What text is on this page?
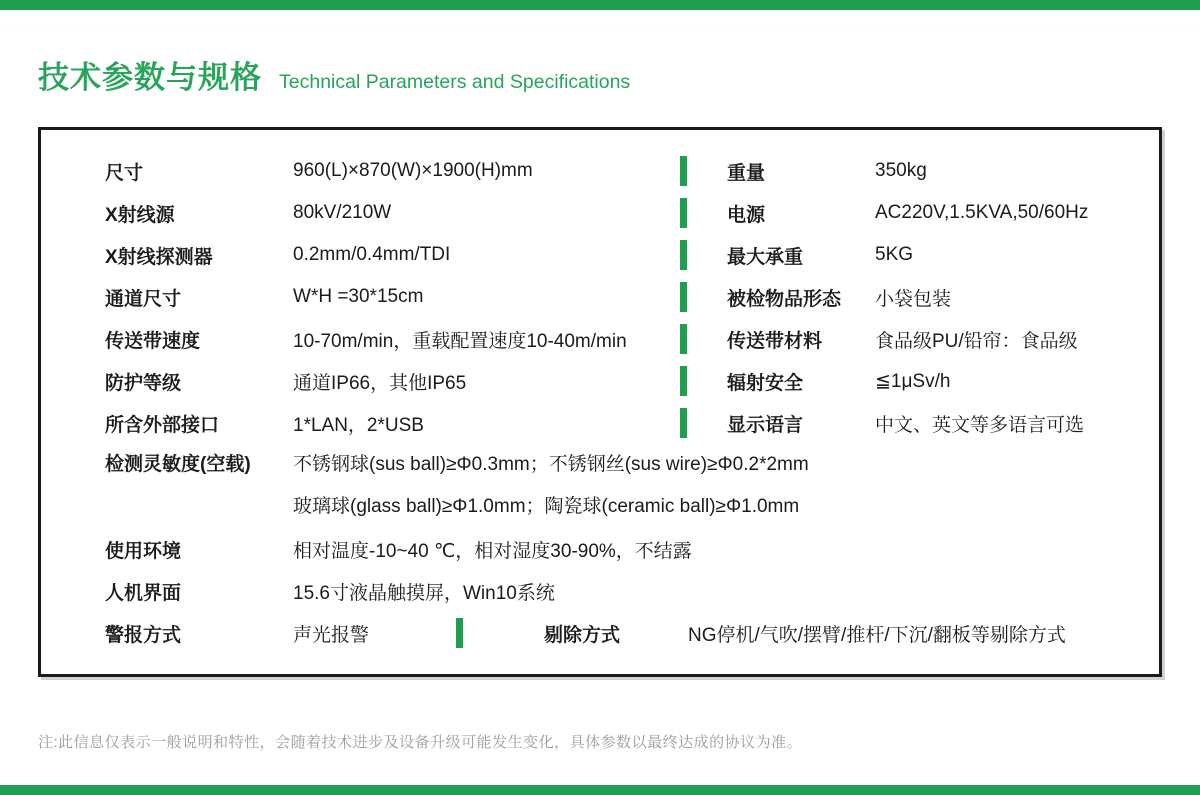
技术参数与规格 Technical Parameters and Specifications
尺寸	960(L)×870(W)×1900(H)mm	重量	350kg
X射线源	80kV/210W	电源	AC220V,1.5KVA,50/60Hz
X射线探测器	0.2mm/0.4mm/TDI	最大承重	5KG
通道尺寸	W*H =30*15cm	被检物品形态	小袋包装
传送带速度	10-70m/min，重载配置速度10-40m/min	传送带材料	食品级PU/铅帘：食品级
防护等级	通道IP66，其他IP65	辐射安全	≦1μSv/h
所含外部接口	1*LAN，2*USB	显示语言	中文、英文等多语言可选
检测灵敏度(空载)	不锈钢球(sus ball)≥Φ0.3mm；不锈钢丝(sus wire)≥Φ0.2*2mm
玻璃球(glass ball)≥Φ1.0mm；陶瓷球(ceramic ball)≥Φ1.0mm
使用环境	相对温度-10~40 ℃，相对湿度30-90%，不结露
人机界面	15.6寸液晶触摸屏，Win10系统
警报方式	声光报警	剔除方式	NG停机/气吹/摆臂/推杆/下沉/翻板等剔除方式

注:此信息仅表示一般说明和特性，会随着技术进步及设备升级可能发生变化，具体参数以最终达成的协议为准。
